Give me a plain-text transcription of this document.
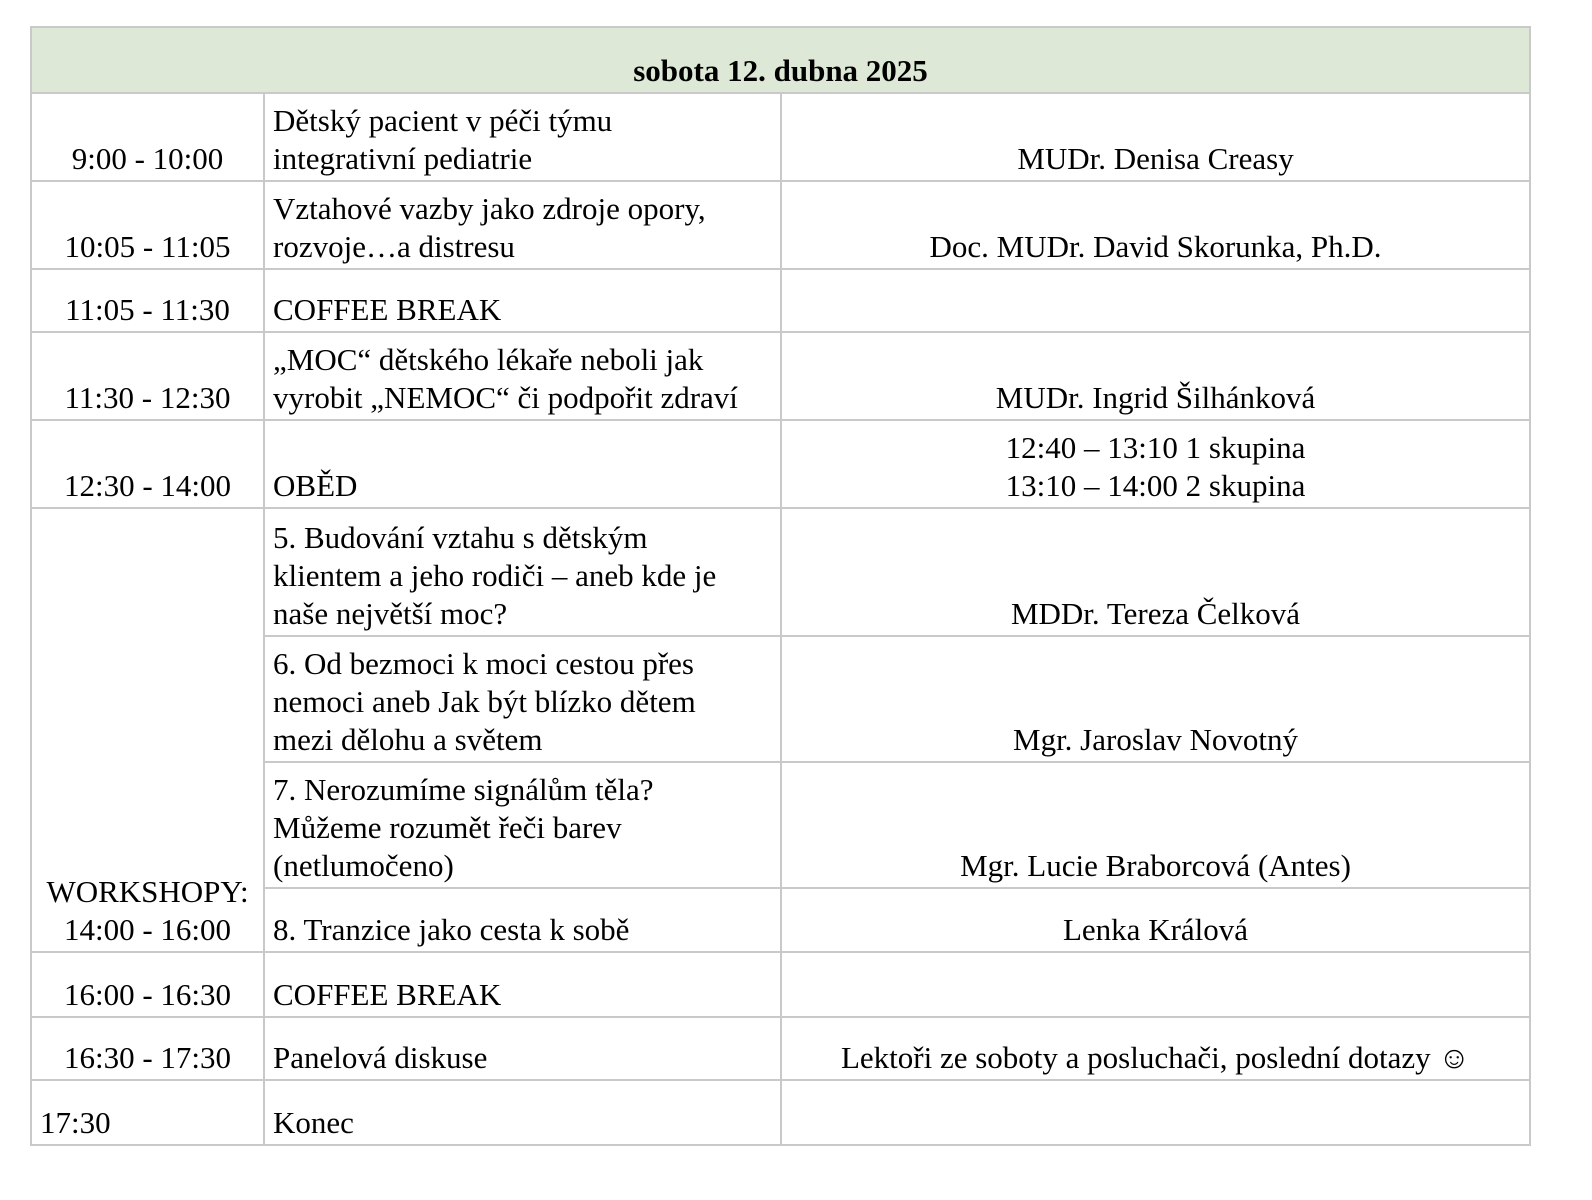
sobota 12. dubna 2025		
9:00 - 10:00	Dětský pacient v péči týmu
integrativní pediatrie	MUDr. Denisa Creasy

10:05 - 11:05	Vztahové vazby jako zdroje opory,
rozvoje…a distresu	Doc. MUDr. David Skorunka, Ph.D.

11:05 - 11:30	COFFEE BREAK	

11:30 - 12:30	„MOC“ dětského lékaře neboli jak
vyrobit „NEMOC“ či podpořit zdraví	MUDr. Ingrid Šilhánková

12:30 - 14:00	OBĚD	12:40 – 13:10 1 skupina
13:10 – 14:00 2 skupina

WORKSHOPY:
14:00 - 16:00	5. Budování vztahu s dětským
klientem a jeho rodiči – aneb kde je
naše největší moc?	MDDr. Tereza Čelková

	6. Od bezmoci k moci cestou přes
nemoci aneb Jak být blízko dětem
mezi dělohu a světem	Mgr. Jaroslav Novotný

	7. Nerozumíme signálům těla?
Můžeme rozumět řeči barev
(netlumočeno)	Mgr. Lucie Braborcová (Antes)

	8. Tranzice jako cesta k sobě	Lenka Králová
16:00 - 16:30	COFFEE BREAK	
16:30 - 17:30	Panelová diskuse	Lektoři ze soboty a posluchači, poslední dotazy ☺
17:30	Konec	
